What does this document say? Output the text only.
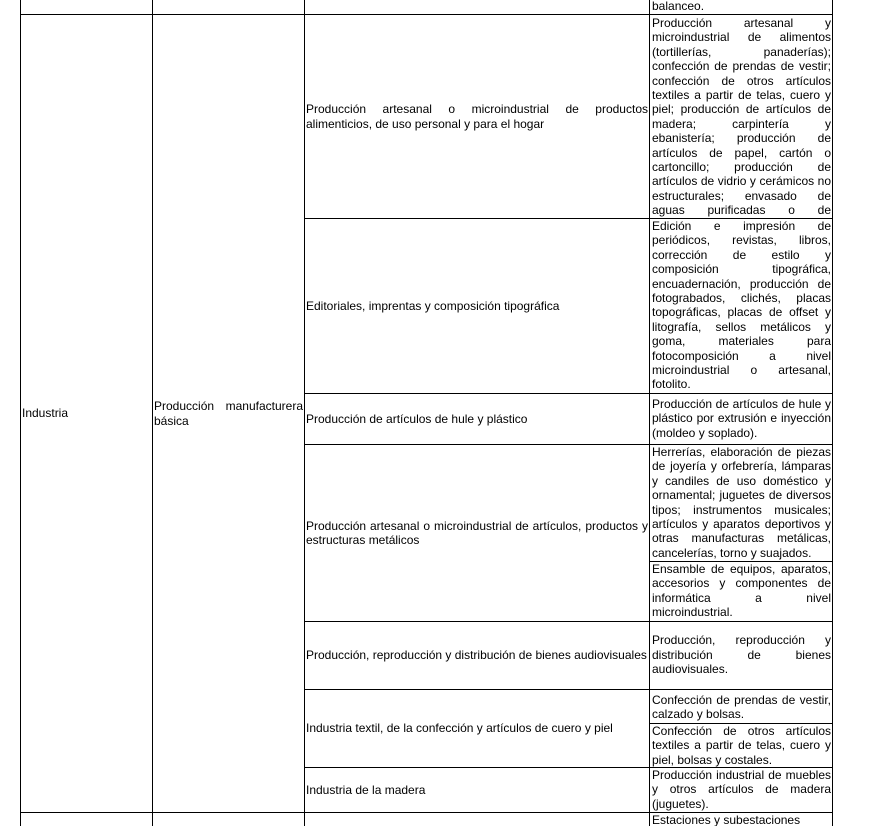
balanceo.
Industria
Producción manufacturera básica
Producción artesanal o microindustrial de productos alimenticios, de uso personal y para el hogar
Editoriales, imprentas y composición tipográfica
Producción de artículos de hule y plástico
Producción artesanal o microindustrial de artículos, productos y estructuras metálicos
Producción, reproducción y distribución de bienes audiovisuales
Industria textil, de la confección y artículos de cuero y piel
Industria de la madera
Producción artesanal y microindustrial de alimentos (tortillerías, panaderías); confección de prendas de vestir; confección de otros artículos textiles a partir de telas, cuero y piel; producción de artículos de madera; carpintería y ebanistería; producción de artículos de papel, cartón o cartoncillo; producción de artículos de vidrio y cerámicos no estructurales; envasado de aguas purificadas o de
Edición e impresión de periódicos, revistas, libros, corrección de estilo y composición tipográfica, encuadernación, producción de fotograbados, clichés, placas topográficas, placas de offset y litografía, sellos metálicos y goma, materiales para fotocomposición a nivel microindustrial o artesanal, fotolito.
Producción de artículos de hule y plástico por extrusión e inyección (moldeo y soplado).
Herrerías, elaboración de piezas de joyería y orfebrería, lámparas y candiles de uso doméstico y ornamental; juguetes de diversos tipos; instrumentos musicales; artículos y aparatos deportivos y otras manufacturas metálicas, cancelerías, torno y suajados.
Ensamble de equipos, aparatos, accesorios y componentes de informática a nivel microindustrial.
Producción, reproducción y distribución de bienes audiovisuales.
Confección de prendas de vestir, calzado y bolsas.
Confección de otros artículos textiles a partir de telas, cuero y piel, bolsas y costales.
Producción industrial de muebles y otros artículos de madera (juguetes).
Estaciones y subestaciones
